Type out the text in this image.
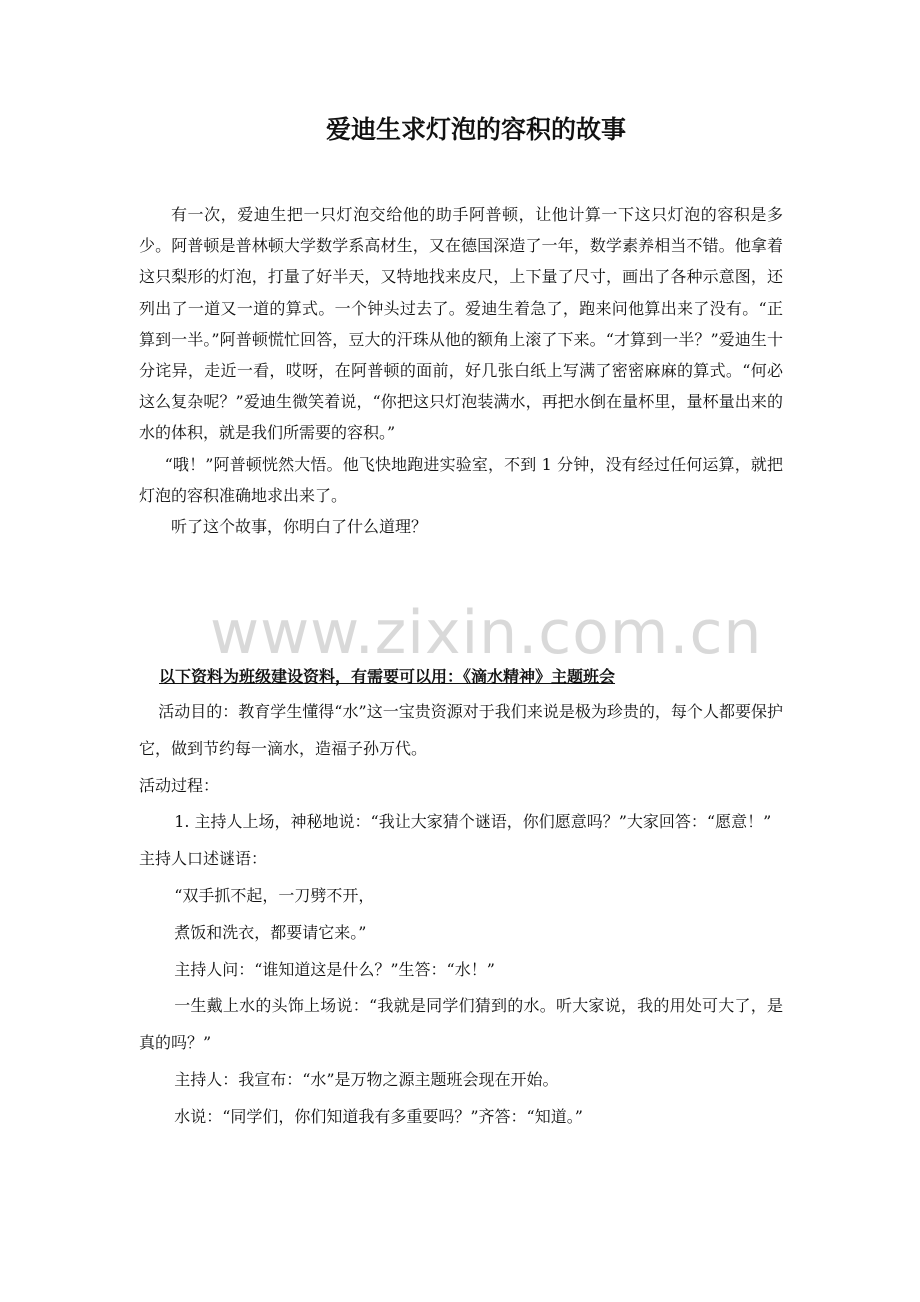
爱迪生求灯泡的容积的故事

有一次，爱迪生把一只灯泡交给他的助手阿普顿，让他计算一下这只灯泡的容积是多少。阿普顿是普林顿大学数学系高材生，又在德国深造了一年，数学素养相当不错。他拿着这只梨形的灯泡，打量了好半天，又特地找来皮尺，上下量了尺寸，画出了各种示意图，还列出了一道又一道的算式。一个钟头过去了。爱迪生着急了，跑来问他算出来了没有。“正算到一半。”阿普顿慌忙回答，豆大的汗珠从他的额角上滚了下来。“才算到一半？”爱迪生十分诧异，走近一看，哎呀，在阿普顿的面前，好几张白纸上写满了密密麻麻的算式。“何必这么复杂呢？”爱迪生微笑着说，“你把这只灯泡装满水，再把水倒在量杯里，量杯量出来的水的体积，就是我们所需要的容积。”

“哦！”阿普顿恍然大悟。他飞快地跑进实验室，不到 1 分钟，没有经过任何运算，就把灯泡的容积准确地求出来了。

听了这个故事，你明白了什么道理？

以下资料为班级建设资料，有需要可以用：《滴水精神》主题班会

活动目的：教育学生懂得“水”这一宝贵资源对于我们来说是极为珍贵的，每个人都要保护它，做到节约每一滴水，造福子孙万代。

活动过程：

1. 主持人上场，神秘地说：“我让大家猜个谜语，你们愿意吗？”大家回答：“愿意！”

主持人口述谜语：

“双手抓不起，一刀劈不开，

煮饭和洗衣，都要请它来。”

主持人问：“谁知道这是什么？”生答：“水！”

一生戴上水的头饰上场说：“我就是同学们猜到的水。听大家说，我的用处可大了，是真的吗？”

主持人：我宣布：“水”是万物之源主题班会现在开始。

水说：“同学们，你们知道我有多重要吗？”齐答：“知道。”

www.zixin.com.cn
